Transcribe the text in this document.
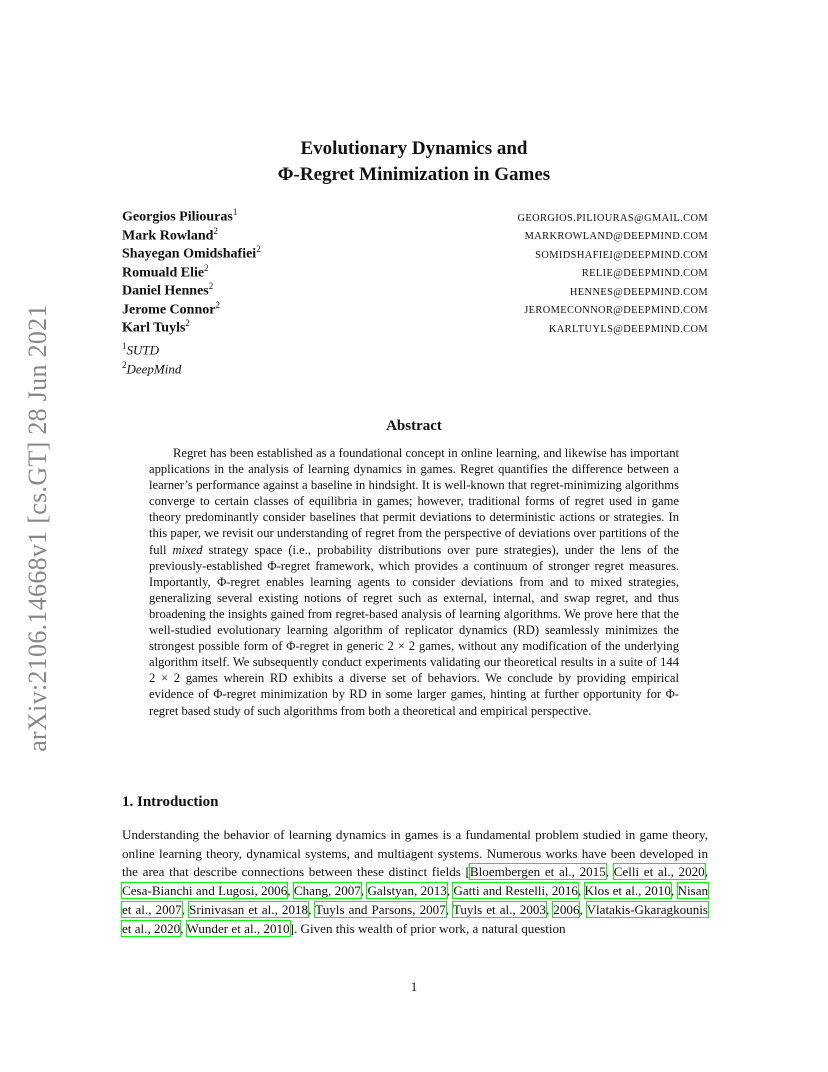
arXiv:2106.14668v1 [cs.GT] 28 Jun 2021
Evolutionary Dynamics and
Φ-Regret Minimization in Games
Georgios Piliouras$^1$
GEORGIOS.PILIOURAS@GMAIL.COM
Mark Rowland$^2$
MARKROWLAND@DEEPMIND.COM
Shayegan Omidshafiei$^2$
SOMIDSHAFIEI@DEEPMIND.COM
Romuald Elie$^2$
RELIE@DEEPMIND.COM
Daniel Hennes$^2$
HENNES@DEEPMIND.COM
Jerome Connor$^2$
JEROMECONNOR@DEEPMIND.COM
Karl Tuyls$^2$
KARLTUYLS@DEEPMIND.COM
$^1$SUTD
$^2$DeepMind
Abstract

Regret has been established as a foundational concept in online learning, and likewise has important applications in the analysis of learning dynamics in games. Regret quantifies the difference between a learner’s performance against a baseline in hindsight. It is well-known that regret-minimizing algorithms converge to certain classes of equilibria in games; however, traditional forms of regret used in game theory predominantly consider baselines that permit deviations to deterministic actions or strategies. In this paper, we revisit our understanding of regret from the perspective of deviations over partitions of the full mixed strategy space (i.e., probability distributions over pure strategies), under the lens of the previously-established Φ-regret framework, which provides a continuum of stronger regret measures. Importantly, Φ-regret enables learning agents to consider deviations from and to mixed strategies, generalizing several existing notions of regret such as external, internal, and swap regret, and thus broadening the insights gained from regret-based analysis of learning algorithms. We prove here that the well-studied evolutionary learning algorithm of replicator dynamics (RD) seamlessly minimizes the strongest possible form of Φ-regret in generic 2 × 2 games, without any modification of the underlying algorithm itself. We subsequently conduct experiments validating our theoretical results in a suite of 144 2 × 2 games wherein RD exhibits a diverse set of behaviors. We conclude by providing empirical evidence of Φ-regret minimization by RD in some larger games, hinting at further opportunity for Φ-regret based study of such algorithms from both a theoretical and empirical perspective.

1. Introduction

Understanding the behavior of learning dynamics in games is a fundamental problem studied in game theory, online learning theory, dynamical systems, and multiagent systems. Numerous works have been developed in the area that describe connections between these distinct fields [Bloembergen et al., 2015, Celli et al., 2020, Cesa-Bianchi and Lugosi, 2006, Chang, 2007, Galstyan, 2013, Gatti and Restelli, 2016, Klos et al., 2010, Nisan et al., 2007, Srinivasan et al., 2018, Tuyls and Parsons, 2007, Tuyls et al., 2003, 2006, Vlatakis-Gkaragkounis et al., 2020, Wunder et al., 2010]. Given this wealth of prior work, a natural question

1
